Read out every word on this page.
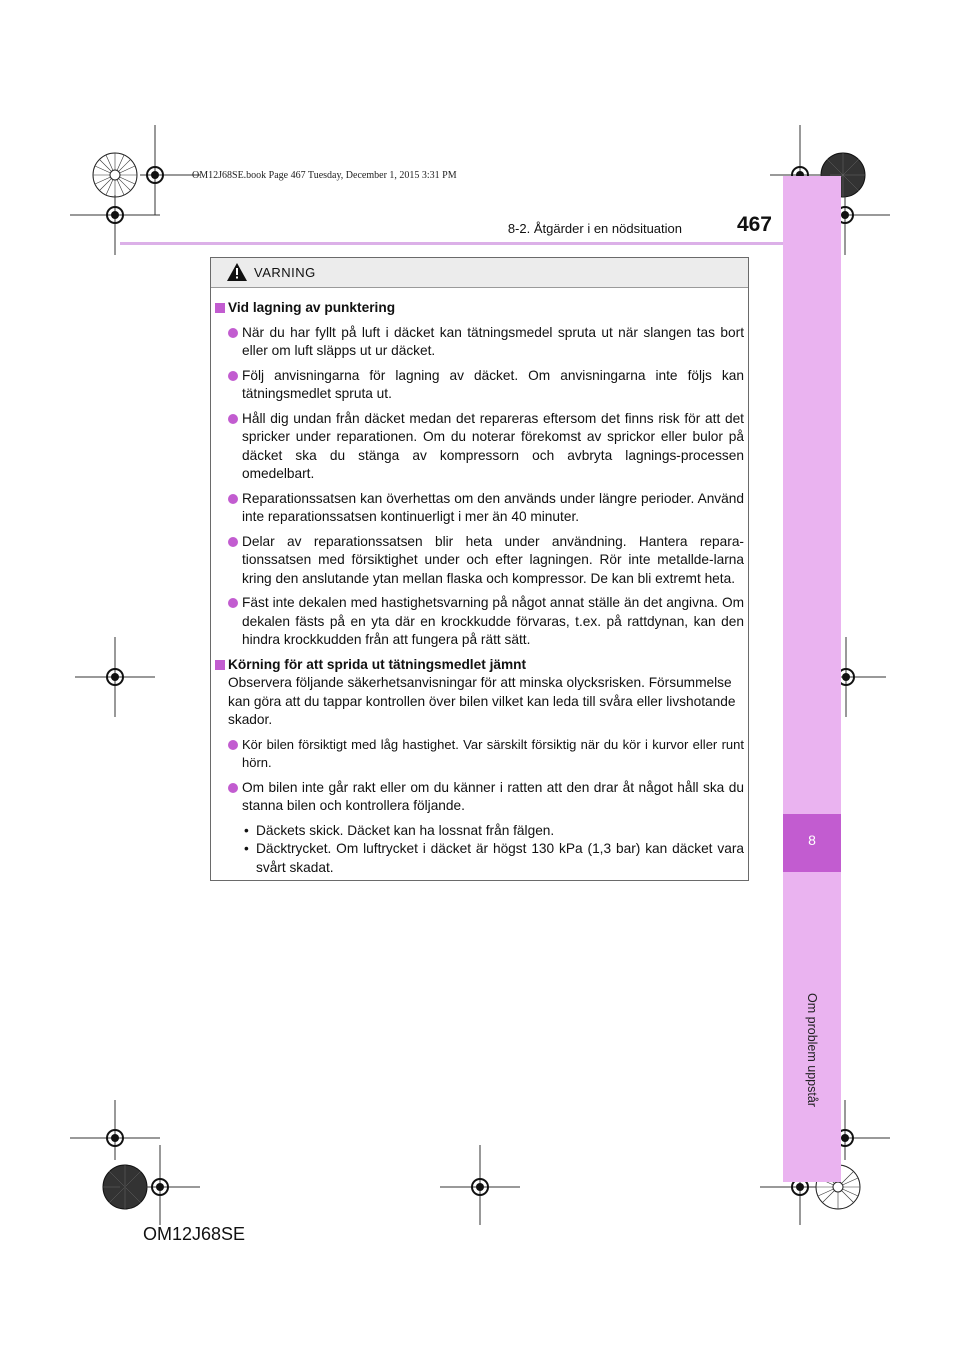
OM12J68SE.book Page 467 Tuesday, December 1, 2015 3:31 PM
8
Om problem uppstår
8-2. Åtgärder i en nödsituation	467
VARNING
Vid lagning av punktering
När du har fyllt på luft i däcket kan tätningsmedel spruta ut när slangen tas bort eller om luft släpps ut ur däcket.
Följ anvisningarna för lagning av däcket. Om anvisningarna inte följs kan tätningsmedlet spruta ut.
Håll dig undan från däcket medan det repareras eftersom det finns risk för att det spricker under reparationen. Om du noterar förekomst av sprickor eller bulor på däcket ska du stänga av kompressorn och avbryta lagnings-processen omedelbart.
Reparationssatsen kan överhettas om den används under längre perioder. Använd inte reparationssatsen kontinuerligt i mer än 40 minuter.
Delar av reparationssatsen blir heta under användning. Hantera repara-tionssatsen med försiktighet under och efter lagningen. Rör inte metallde-larna kring den anslutande ytan mellan flaska och kompressor. De kan bli extremt heta.
Fäst inte dekalen med hastighetsvarning på något annat ställe än det angivna. Om dekalen fästs på en yta där en krockkudde förvaras, t.ex. på rattdynan, kan den hindra krockkudden från att fungera på rätt sätt.
Körning för att sprida ut tätningsmedlet jämnt
Observera följande säkerhetsanvisningar för att minska olycksrisken. Försummelse kan göra att du tappar kontrollen över bilen vilket kan leda till svåra eller livshotande skador.
Kör bilen försiktigt med låg hastighet. Var särskilt försiktig när du kör i kurvor eller runt hörn.
Om bilen inte går rakt eller om du känner i ratten att den drar åt något håll ska du stanna bilen och kontrollera följande.
• Däckets skick. Däcket kan ha lossnat från fälgen.
• Däcktrycket. Om luftrycket i däcket är högst 130 kPa (1,3 bar) kan däcket vara svårt skadat.
OM12J68SE
